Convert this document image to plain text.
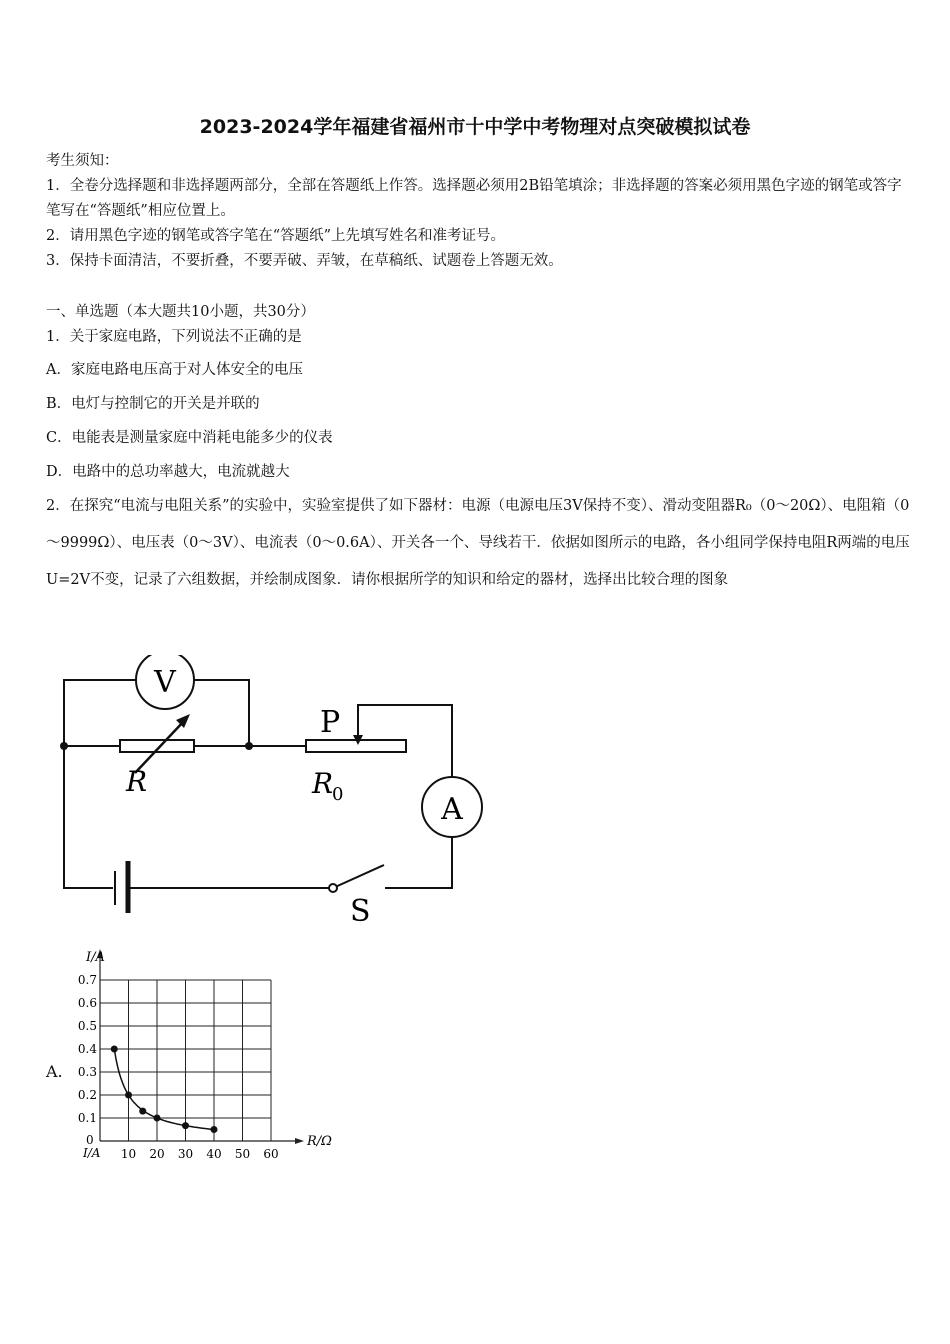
2023-2024学年福建省福州市十中学中考物理对点突破模拟试卷
考生须知：
1．全卷分选择题和非选择题两部分，全部在答题纸上作答。选择题必须用2B铅笔填涂；非选择题的答案必须用黑色字迹的钢笔或答字笔写在“答题纸”相应位置上。
2．请用黑色字迹的钢笔或答字笔在“答题纸”上先填写姓名和准考证号。
3．保持卡面清洁，不要折叠，不要弄破、弄皱，在草稿纸、试题卷上答题无效。
一、单选题（本大题共10小题，共30分）
1．关于家庭电路，下列说法不正确的是
A．家庭电路电压高于对人体安全的电压
B．电灯与控制它的开关是并联的
C．电能表是测量家庭中消耗电能多少的仪表
D．电路中的总功率越大，电流就越大
2．在探究“电流与电阻关系”的实验中，实验室提供了如下器材：电源（电源电压3V保持不变）、滑动变阻器R₀（0～20Ω）、电阻箱（0～9999Ω）、电压表（0～3V）、电流表（0～0.6A）、开关各一个、导线若干．依据如图所示的电路，各小组同学保持电阻R两端的电压U=2V不变，记录了六组数据，并绘制成图象．请你根据所学的知识和给定的器材，选择出比较合理的图象
V
R
P
R
0	A
S
A.
0.1
0.2
0.3
0.4
0.5
0.6
0.7
10 20 30 40 50 60
0
I/A
I/A
R/Ω
